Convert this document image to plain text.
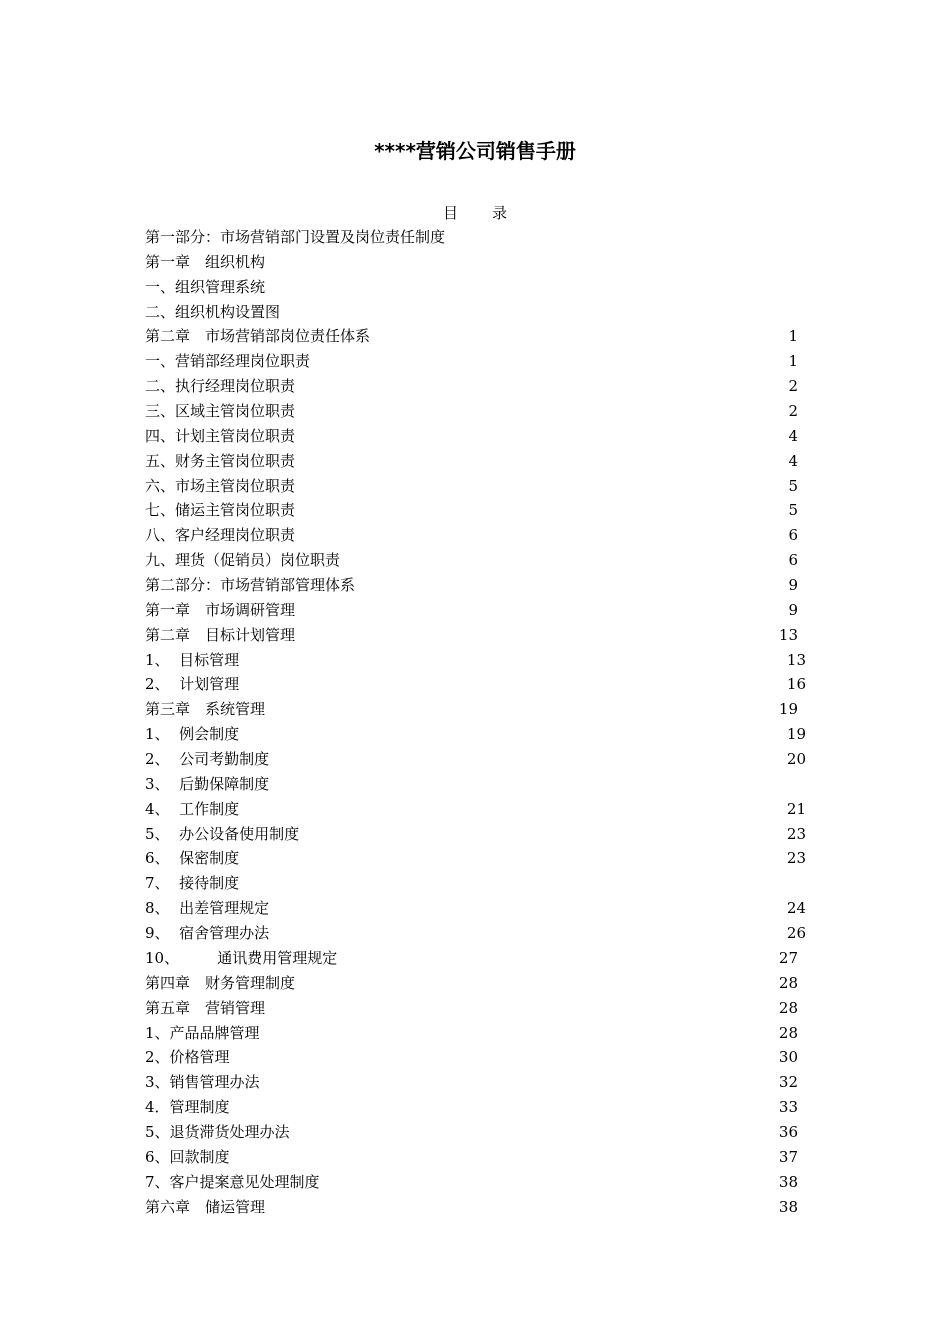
****营销公司销售手册
目 录
第一部分：市场营销部门设置及岗位责任制度
第一章　组织机构
一、组织管理系统
二、组织机构设置图
第二章　市场营销部岗位责任体系	1
一、营销部经理岗位职责	1
二、执行经理岗位职责	2
三、区域主管岗位职责	2
四、计划主管岗位职责	4
五、财务主管岗位职责	4
六、市场主管岗位职责	5
七、储运主管岗位职责	5
八、客户经理岗位职责	6
九、理货（促销员）岗位职责	6
第二部分：市场营销部管理体系	9
第一章　市场调研管理	9
第二章　目标计划管理	13
1、  目标管理	13
2、  计划管理	16
第三章　系统管理	19
1、  例会制度	19
2、  公司考勤制度	20
3、  后勤保障制度
4、  工作制度	21
5、  办公设备使用制度	23
6、  保密制度	23
7、  接待制度
8、  出差管理规定	24
9、  宿舍管理办法	26
10、        通讯费用管理规定	27
第四章　财务管理制度	28
第五章　营销管理	28
1、产品品牌管理	28
2、价格管理	30
3、销售管理办法	32
4．管理制度	33
5、退货滞货处理办法	36
6、回款制度	37
7、客户提案意见处理制度	38
第六章　储运管理	38
